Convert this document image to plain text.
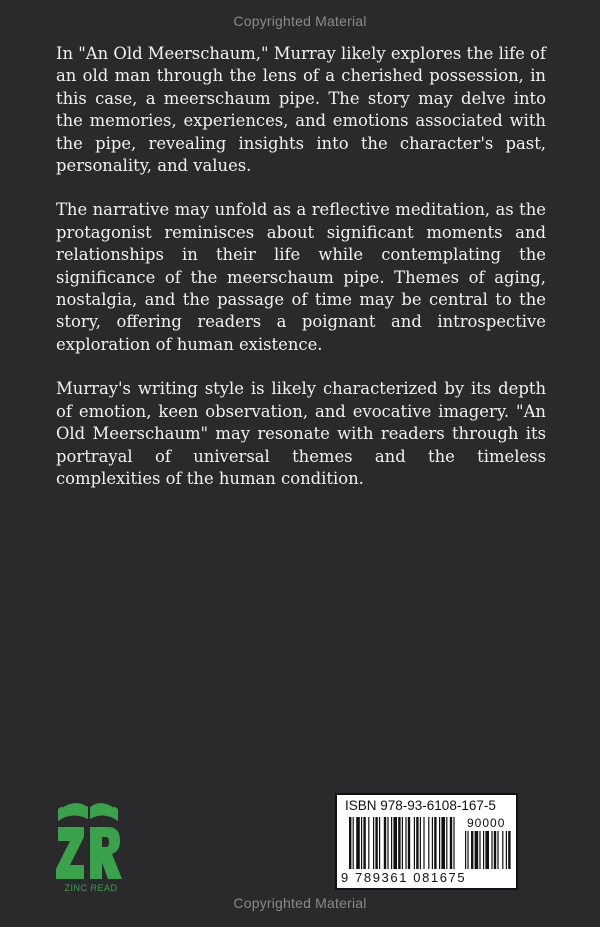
Copyrighted Material

In "An Old Meerschaum," Murray likely explores the life of an old man through the lens of a cherished possession, in this case, a meerschaum pipe. The story may delve into the memories, experiences, and emotions associated with the pipe, revealing insights into the character's past, personality, and values.

The narrative may unfold as a reflective meditation, as the protagonist reminisces about significant moments and relationships in their life while contemplating the significance of the meerschaum pipe. Themes of aging, nostalgia, and the passage of time may be central to the story, offering readers a poignant and introspective exploration of human existence.

Murray's writing style is likely characterized by its depth of emotion, keen observation, and evocative imagery. "An Old Meerschaum" may resonate with readers through its portrayal of universal themes and the timeless complexities of the human condition.

ZINC READ
ISBN 978-93-6108-167-5
90000
9 789361 081675
Copyrighted Material
